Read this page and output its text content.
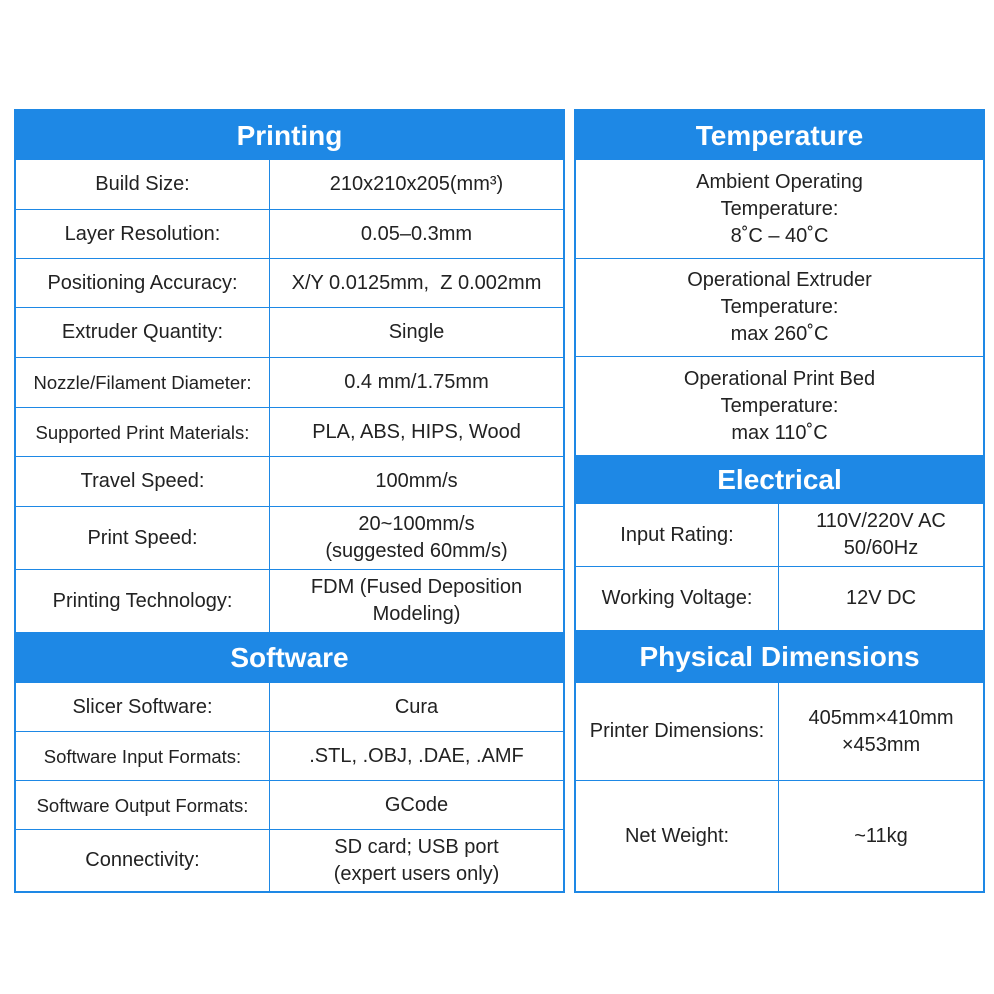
Printing
Build Size:	210x210x205(mm³)
Layer Resolution:	0.05–0.3mm
Positioning Accuracy:	X/Y 0.0125mm,  Z 0.002mm
Extruder Quantity:	Single
Nozzle/Filament Diameter:	0.4 mm/1.75mm
Supported Print Materials:	PLA, ABS, HIPS, Wood
Travel Speed:	100mm/s
Print Speed:
20~100mm/s
(suggested 60mm/s)
Printing Technology:
FDM (Fused Deposition
Modeling)
Software
Slicer Software:	Cura
Software Input Formats:	.STL, .OBJ, .DAE, .AMF
Software Output Formats:	GCode
Connectivity:
SD card; USB port
(expert users only)
Temperature
Ambient Operating
Temperature:
8˚C – 40˚C
Operational Extruder
Temperature:
max 260˚C
Operational Print Bed
Temperature:
max 110˚C
Electrical
Input Rating:
110V/220V AC
50/60Hz
Working Voltage:	12V DC
Physical Dimensions
Printer Dimensions:
405mm×410mm
×453mm
Net Weight:	~11kg
